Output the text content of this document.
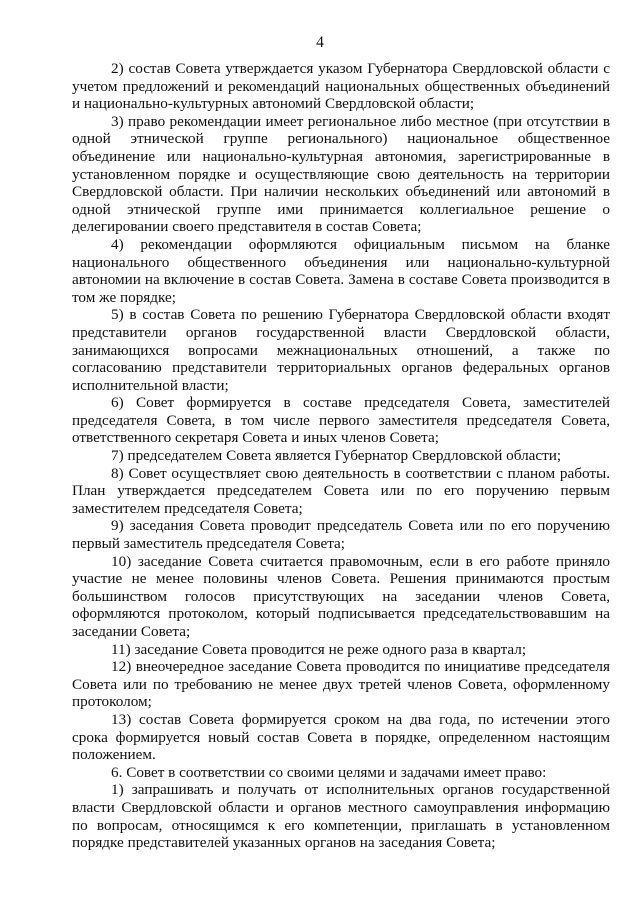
4

2) состав Совета утверждается указом Губернатора Свердловской области с учетом предложений и рекомендаций национальных общественных объединений и национально-культурных автономий Свердловской области;

3) право рекомендации имеет региональное либо местное (при отсутствии в одной этнической группе регионального) национальное общественное объединение или национально-культурная автономия, зарегистрированные в установленном порядке и осуществляющие свою деятельность на территории Свердловской области. При наличии нескольких объединений или автономий в одной этнической группе ими принимается коллегиальное решение о делегировании своего представителя в состав Совета;

4) рекомендации оформляются официальным письмом на бланке национального общественного объединения или национально-культурной автономии на включение в состав Совета. Замена в составе Совета производится в том же порядке;

5) в состав Совета по решению Губернатора Свердловской области входят представители органов государственной власти Свердловской области, занимающихся вопросами межнациональных отношений, а также по согласованию представители территориальных органов федеральных органов исполнительной власти;

6) Совет формируется в составе председателя Совета, заместителей председателя Совета, в том числе первого заместителя председателя Совета, ответственного секретаря Совета и иных членов Совета;

7) председателем Совета является Губернатор Свердловской области;

8) Совет осуществляет свою деятельность в соответствии с планом работы. План утверждается председателем Совета или по его поручению первым заместителем председателя Совета;

9) заседания Совета проводит председатель Совета или по его поручению первый заместитель председателя Совета;

10) заседание Совета считается правомочным, если в его работе приняло участие не менее половины членов Совета. Решения принимаются простым большинством голосов присутствующих на заседании членов Совета, оформляются протоколом, который подписывается председательствовавшим на заседании Совета;

11) заседание Совета проводится не реже одного раза в квартал;

12) внеочередное заседание Совета проводится по инициативе председателя Совета или по требованию не менее двух третей членов Совета, оформленному протоколом;

13) состав Совета формируется сроком на два года, по истечении этого срока формируется новый состав Совета в порядке, определенном настоящим положением.

6. Совет в соответствии со своими целями и задачами имеет право:

1) запрашивать и получать от исполнительных органов государственной власти Свердловской области и органов местного самоуправления информацию по вопросам, относящимся к его компетенции, приглашать в установленном порядке представителей указанных органов на заседания Совета;
